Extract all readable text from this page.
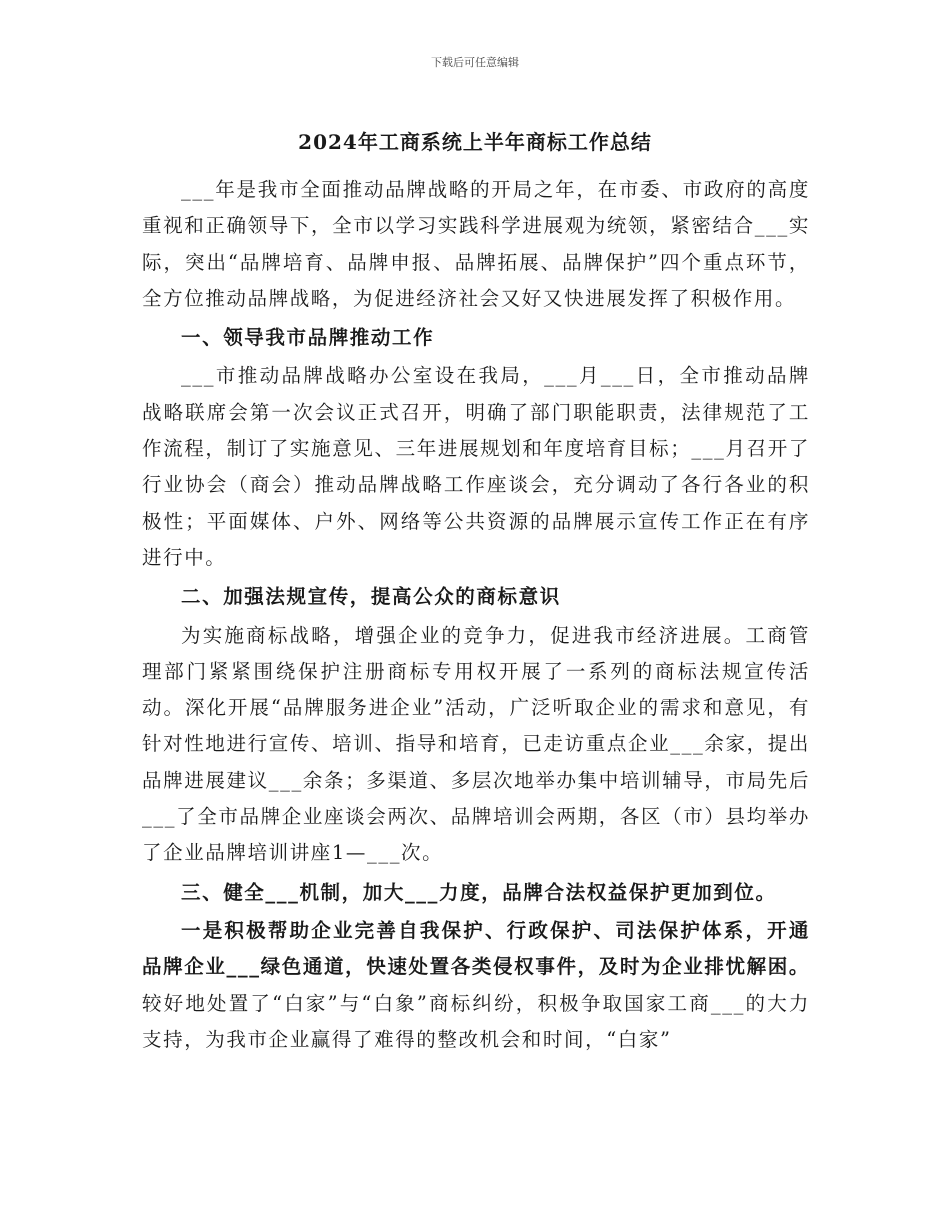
下载后可任意编辑
2024年工商系统上半年商标工作总结

___年是我市全面推动品牌战略的开局之年，在市委、市政府的高度重视和正确领导下，全市以学习实践科学进展观为统领，紧密结合___实际，突出“品牌培育、品牌申报、品牌拓展、品牌保护”四个重点环节，全方位推动品牌战略，为促进经济社会又好又快进展发挥了积极作用。

一、领导我市品牌推动工作

___市推动品牌战略办公室设在我局，___月___日，全市推动品牌战略联席会第一次会议正式召开，明确了部门职能职责，法律规范了工作流程，制订了实施意见、三年进展规划和年度培育目标；___月召开了行业协会（商会）推动品牌战略工作座谈会，充分调动了各行各业的积极性；平面媒体、户外、网络等公共资源的品牌展示宣传工作正在有序进行中。

二、加强法规宣传，提高公众的商标意识

为实施商标战略，增强企业的竞争力，促进我市经济进展。工商管理部门紧紧围绕保护注册商标专用权开展了一系列的商标法规宣传活动。深化开展“品牌服务进企业”活动，广泛听取企业的需求和意见，有针对性地进行宣传、培训、指导和培育，已走访重点企业___余家，提出品牌进展建议___余条；多渠道、多层次地举办集中培训辅导，市局先后___了全市品牌企业座谈会两次、品牌培训会两期，各区（市）县均举办了企业品牌培训讲座1—___次。

三、健全___机制，加大___力度，品牌合法权益保护更加到位。

一是积极帮助企业完善自我保护、行政保护、司法保护体系，开通品牌企业___绿色通道，快速处置各类侵权事件，及时为企业排忧解困。较好地处置了“白家”与“白象”商标纠纷，积极争取国家工商___的大力支持，为我市企业赢得了难得的整改机会和时间，“白家”
